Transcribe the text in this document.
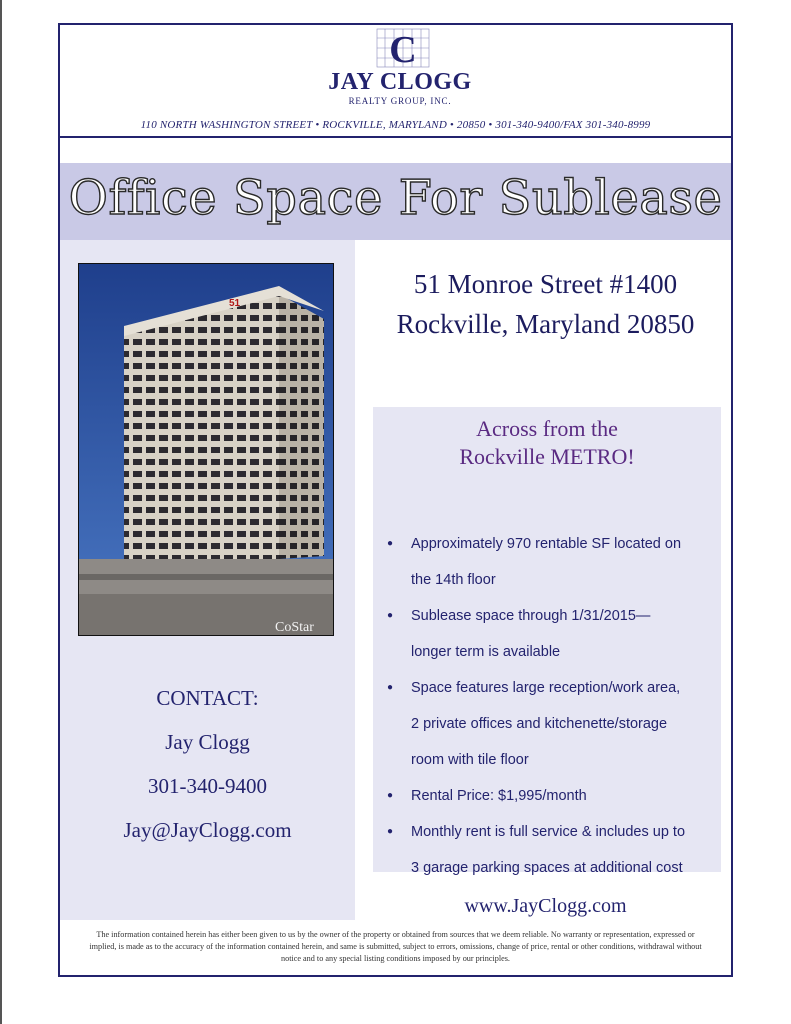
C
JAY CLOGG
REALTY GROUP, INC.
110 NORTH WASHINGTON STREET • ROCKVILLE, MARYLAND • 20850 • 301-340-9400/FAX 301-340-8999
Office Space For Sublease
51
CoStar
CONTACT:
Jay Clogg
301-340-9400
Jay@JayClogg.com
51 Monroe Street #1400
Rockville, Maryland 20850
Across from the
Rockville METRO!
● Approximately 970 rentable SF located on
the 14th floor
● Sublease space through 1/31/2015—
longer term is available
● Space features large reception/work area,
2 private offices and kitchenette/storage
room with tile floor
● Rental Price: $1,995/month
● Monthly rent is full service & includes up to
3 garage parking spaces at additional cost
www.JayClogg.com
The information contained herein has either been given to us by the owner of the property or obtained from sources that we deem reliable. No warranty or representation, expressed or implied, is made as to the accuracy of the information contained herein, and same is submitted, subject to errors, omissions, change of price, rental or other conditions, withdrawal without notice and to any special listing conditions imposed by our principles.
